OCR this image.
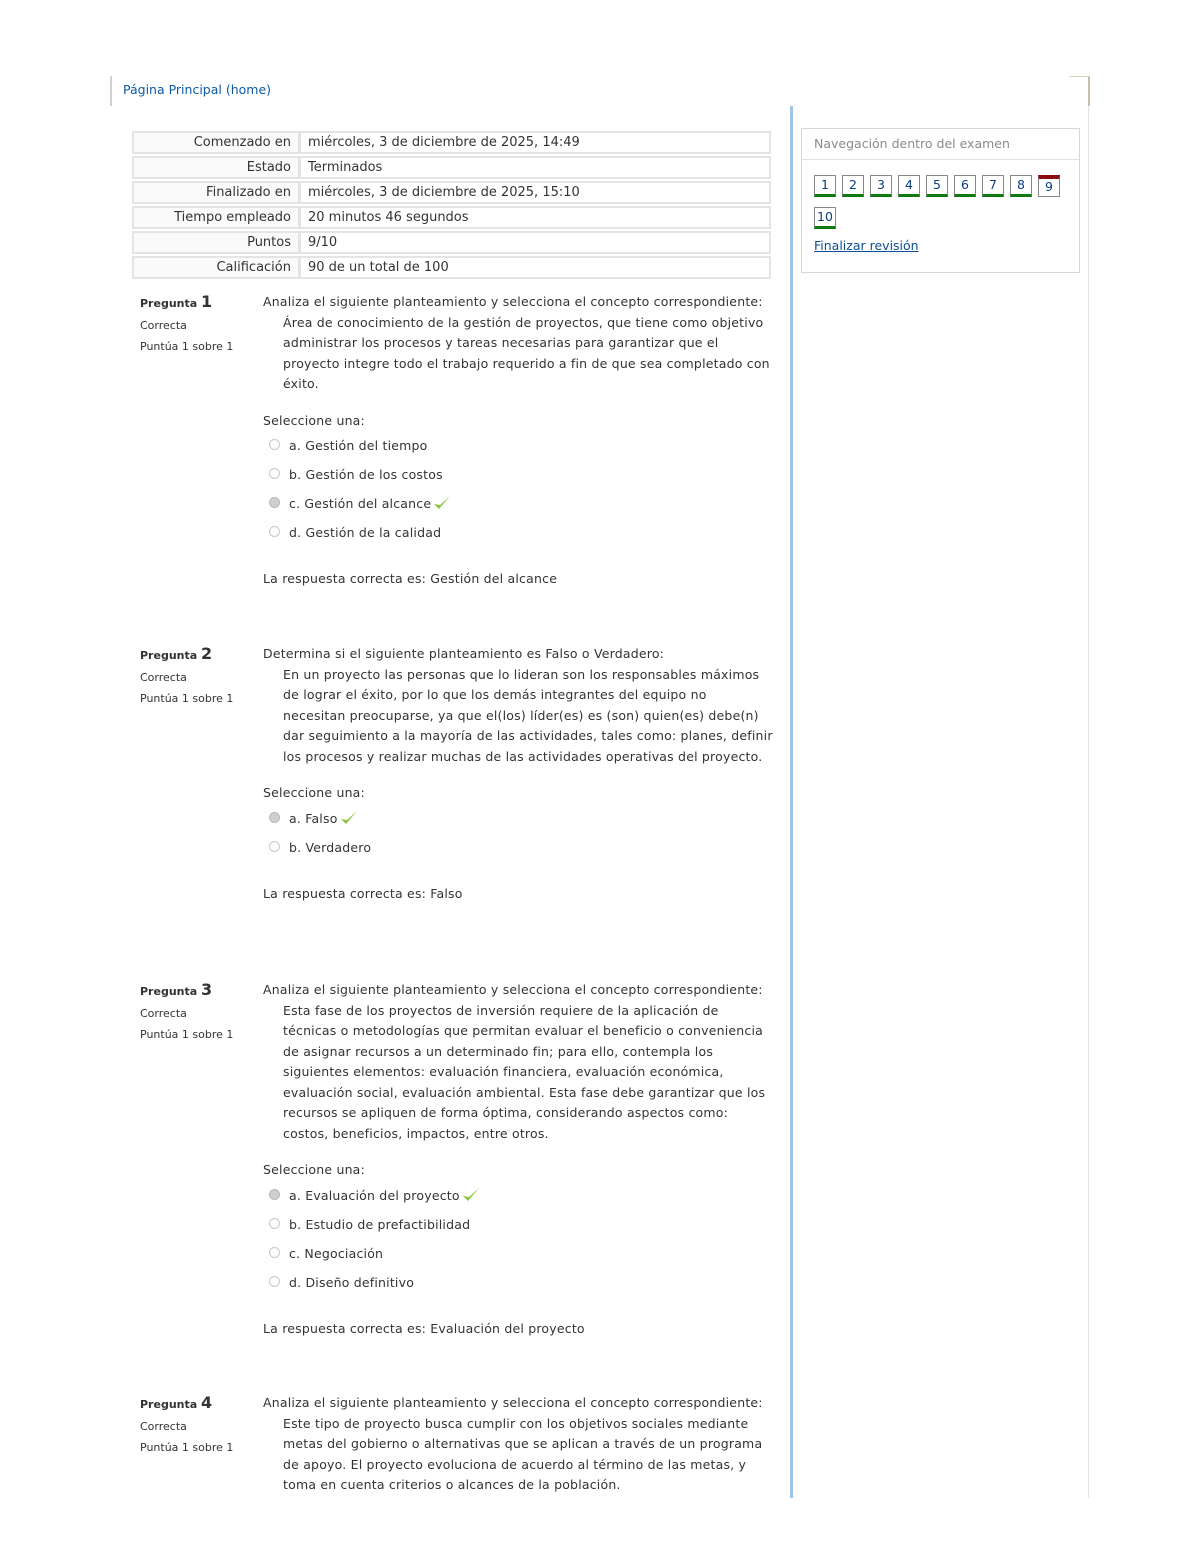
Página Principal (home)
Comenzado en	miércoles, 3 de diciembre de 2025, 14:49
Estado	Terminados
Finalizado en	miércoles, 3 de diciembre de 2025, 15:10
Tiempo empleado	20 minutos 46 segundos
Puntos	9/10
Calificación	90 de un total de 100
Pregunta 1
Correcta
Puntúa 1 sobre 1
Analiza el siguiente planteamiento y selecciona el concepto correspondiente:
Área de conocimiento de la gestión de proyectos, que tiene como objetivo administrar los procesos y tareas necesarias para garantizar que el proyecto integre todo el trabajo requerido a fin de que sea completado con éxito.
Seleccione una:
a. Gestión del tiempo
b. Gestión de los costos
c. Gestión del alcance
d. Gestión de la calidad
La respuesta correcta es: Gestión del alcance
Pregunta 2
Correcta
Puntúa 1 sobre 1
Determina si el siguiente planteamiento es Falso o Verdadero:
En un proyecto las personas que lo lideran son los responsables máximos de lograr el éxito, por lo que los demás integrantes del equipo no necesitan preocuparse, ya que el(los) líder(es) es (son) quien(es) debe(n) dar seguimiento a la mayoría de las actividades, tales como: planes, definir los procesos y realizar muchas de las actividades operativas del proyecto.
Seleccione una:
a. Falso
b. Verdadero
La respuesta correcta es: Falso
Pregunta 3
Correcta
Puntúa 1 sobre 1
Analiza el siguiente planteamiento y selecciona el concepto correspondiente:
Esta fase de los proyectos de inversión requiere de la aplicación de técnicas o metodologías que permitan evaluar el beneficio o conveniencia de asignar recursos a un determinado fin; para ello, contempla los siguientes elementos: evaluación financiera, evaluación económica, evaluación social, evaluación ambiental. Esta fase debe garantizar que los recursos se apliquen de forma óptima, considerando aspectos como: costos, beneficios, impactos, entre otros.
Seleccione una:
a. Evaluación del proyecto
b. Estudio de prefactibilidad
c. Negociación
d. Diseño definitivo
La respuesta correcta es: Evaluación del proyecto
Pregunta 4
Correcta
Puntúa 1 sobre 1
Analiza el siguiente planteamiento y selecciona el concepto correspondiente:
Este tipo de proyecto busca cumplir con los objetivos sociales mediante metas del gobierno o alternativas que se aplican a través de un programa de apoyo. El proyecto evoluciona de acuerdo al término de las metas, y toma en cuenta criterios o alcances de la población.
Navegación dentro del examen
1	2	3	4	5	6	7	8	9
10
Finalizar revisión
